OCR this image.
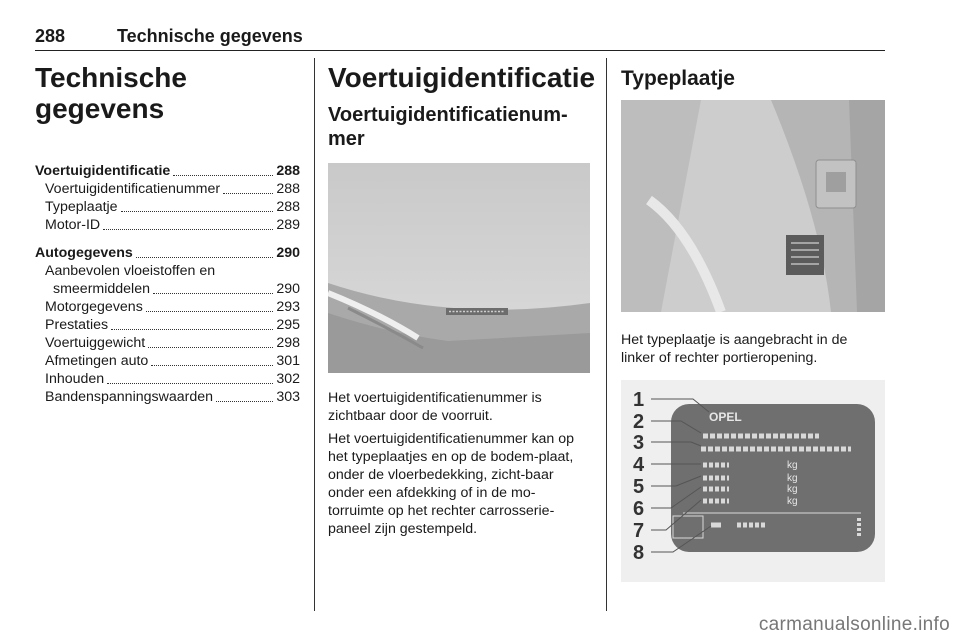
288	Technische gegevens
Technische gegevens
Voertuigidentificatie	288
Voertuigidentificatienummer	288
Typeplaatje	288
Motor-ID	289
Autogegevens	290
Aanbevolen vloeistoffen en
smeermiddelen	290
Motorgegevens	293
Prestaties	295
Voertuiggewicht	298
Afmetingen auto	301
Inhouden	302
Bandenspanningswaarden	303
Voertuigidentificatie
Voertuigidentificatienum-
mer

Het voertuigidentificatienummer is zichtbaar door de voorruit.

Het voertuigidentificatienummer kan op het typeplaatjes en op de bodem-plaat, onder de vloerbedekking, zicht-baar onder een afdekking of in de mo-torruimte op het rechter carrosserie-paneel zijn gestempeld.

Typeplaatje

Het typeplaatje is aangebracht in de linker of rechter portieropening.

OPEL
kg
kg
kg
kg
1
2
3
4
5
6
7
8
carmanualsonline.info
